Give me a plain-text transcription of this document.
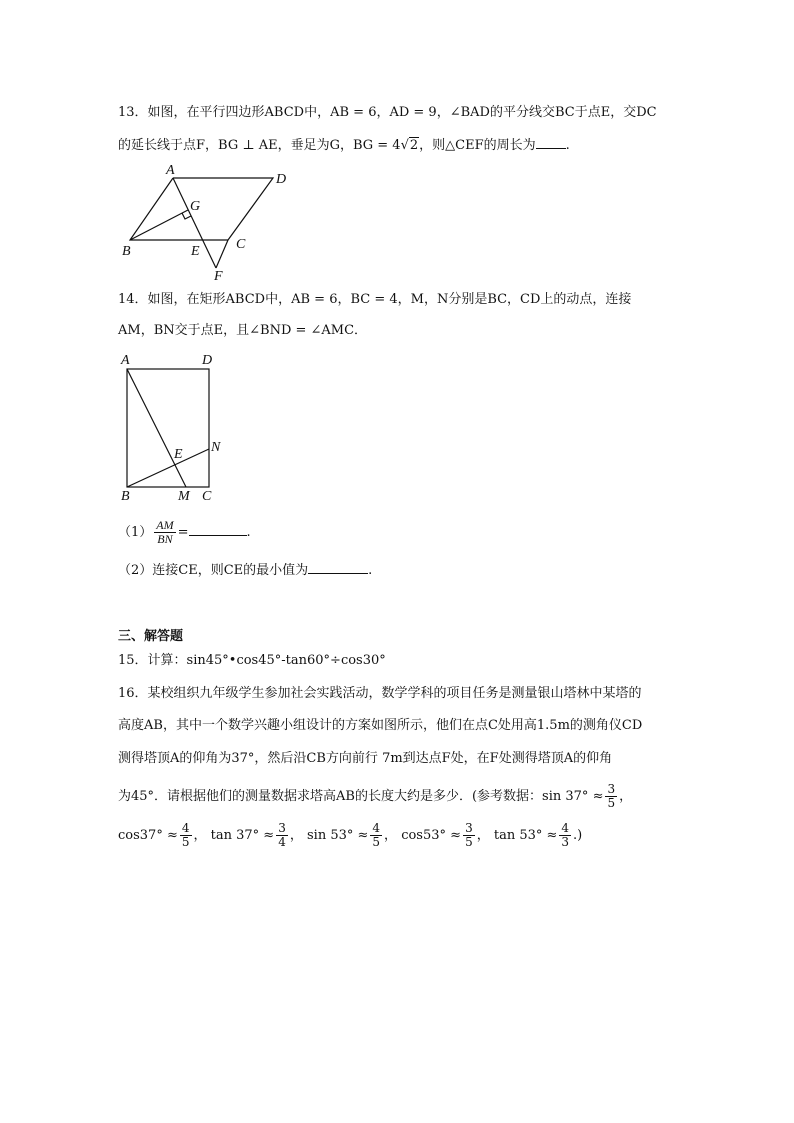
13．如图，在平行四边形ABCD中，AB = 6，AD = 9，∠BAD的平分线交BC于点E，交DC
的延长线于点F，BG ⊥ AE，垂足为G，BG = 4√2，则△CEF的周长为 .
A
D
G
B	E	C
F
14．如图，在矩形ABCD中，AB = 6，BC = 4，M，N分别是BC，CD上的动点，连接
AM，BN交于点E，且∠BND = ∠AMC．
A	D
N
E
B	M C
$(1) \frac{AM}{BN}$ =	.
（2）连接CE，则CE的最小值为	.
三、解答题
15．计算：sin45°•cos45°-tan60°÷cos30°
16．某校组织九年级学生参加社会实践活动，数学学科的项目任务是测量银山塔林中某塔的
高度AB，其中一个数学兴趣小组设计的方案如图所示，他们在点C处用高1.5m的测角仪CD
测得塔顶A的仰角为37°，然后沿CB方向前行 7m到达点F处，在F处测得塔顶A的仰角
为45°．请根据他们的测量数据求塔高AB的长度大约是多少．(参考数据：$\sin 37^\circ \approx \frac{3}{5}$ ，
$\cos 37^\circ \approx \frac{4}{5}$ ， $\tan 37^\circ \approx \frac{3}{4}$ ， $\sin 53^\circ \approx \frac{4}{5}$ ， $\cos 53^\circ \approx \frac{3}{5}$ ， $\tan 53^\circ \approx \frac{4}{3}$ .)
